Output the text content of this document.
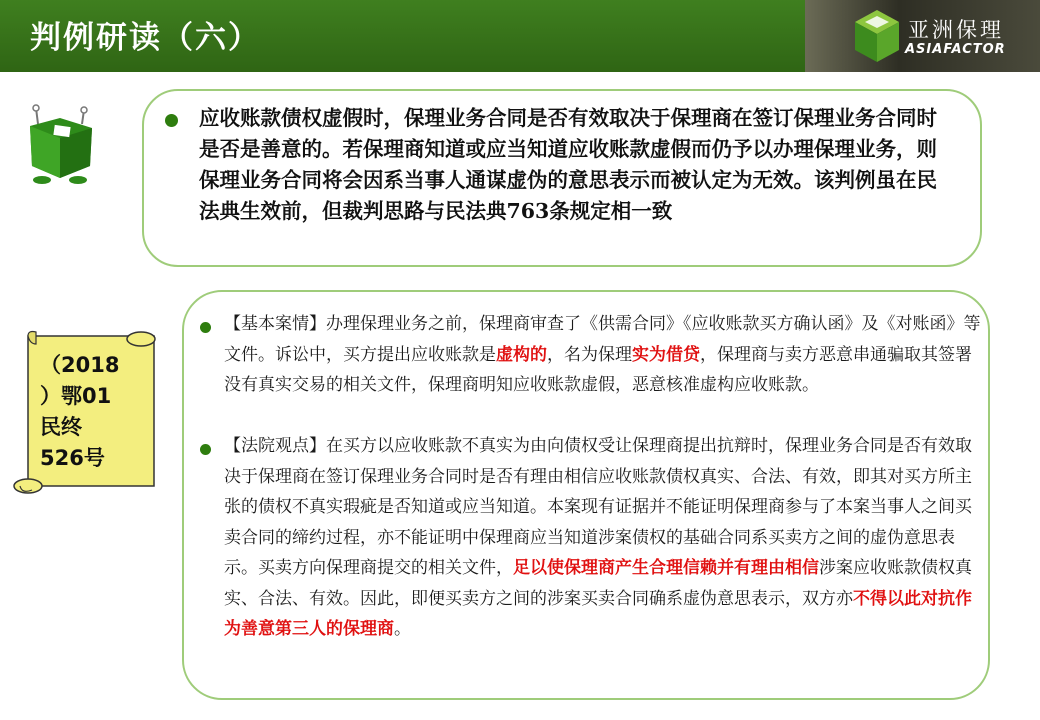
判例研读（六）	亚洲保理
ASIAFACTOR
应收账款债权虚假时，保理业务合同是否有效取决于保理商在签订保理业务合同时是否是善意的。若保理商知道或应当知道应收账款虚假而仍予以办理保理业务，则保理业务合同将会因系当事人通谋虚伪的意思表示而被认定为无效。该判例虽在民法典生效前，但裁判思路与民法典763条规定相一致
（2018
）鄂01
民终
526号
【基本案情】办理保理业务之前，保理商审查了《供需合同》《应收账款买方确认函》及《对账函》等文件。诉讼中，买方提出应收账款是虚构的，名为保理实为借贷，保理商与卖方恶意串通骗取其签署没有真实交易的相关文件，保理商明知应收账款虚假，恶意核准虚构应收账款。
【法院观点】在买方以应收账款不真实为由向债权受让保理商提出抗辩时，保理业务合同是否有效取决于保理商在签订保理业务合同时是否有理由相信应收账款债权真实、合法、有效，即其对买方所主张的债权不真实瑕疵是否知道或应当知道。本案现有证据并不能证明保理商参与了本案当事人之间买卖合同的缔约过程，亦不能证明中保理商应当知道涉案债权的基础合同系买卖方之间的虚伪意思表示。买卖方向保理商提交的相关文件，足以使保理商产生合理信赖并有理由相信涉案应收账款债权真实、合法、有效。因此，即便买卖方之间的涉案买卖合同确系虚伪意思表示，双方亦不得以此对抗作为善意第三人的保理商。
